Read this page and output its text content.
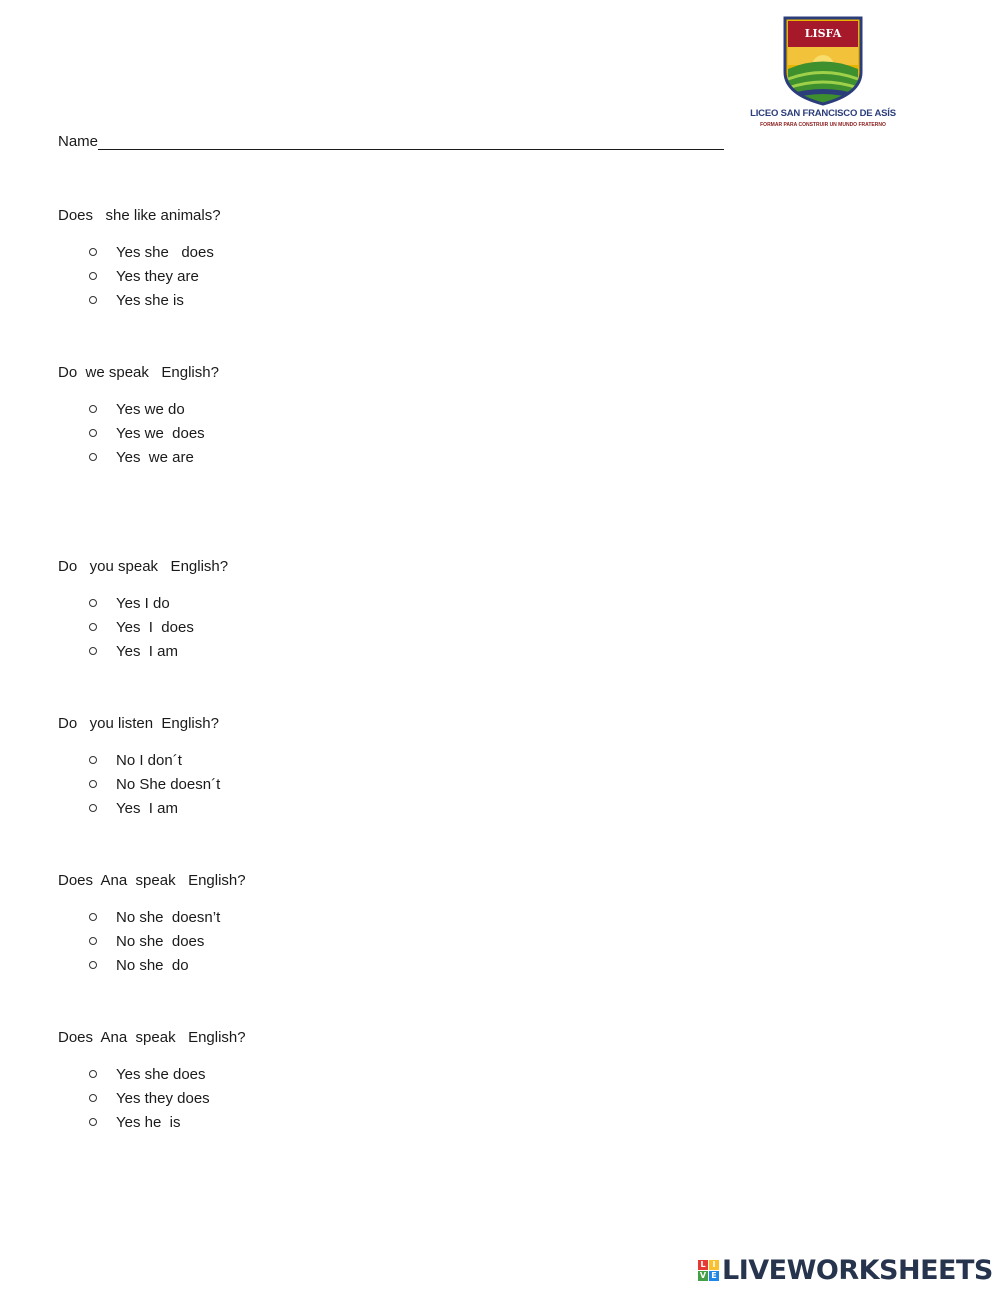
LISFA
LICEO SAN FRANCISCO DE ASÍS
FORMAR PARA CONSTRUIR UN MUNDO FRATERNO
Name

Does   she like animals?

Yes she   does
Yes they are
Yes she is

Do  we speak   English?

Yes we do
Yes we  does
Yes  we are

Do   you speak   English?

Yes I do
Yes  I  does
Yes  I am

Do   you listen  English?

No I don´t
No She doesn´t
Yes  I am

Does  Ana  speak   English?

No she  doesn’t
No she  does
No she  do

Does  Ana  speak   English?

Yes she does
Yes they does
Yes he  is
L I
V E LIVEWORKSHEETS
